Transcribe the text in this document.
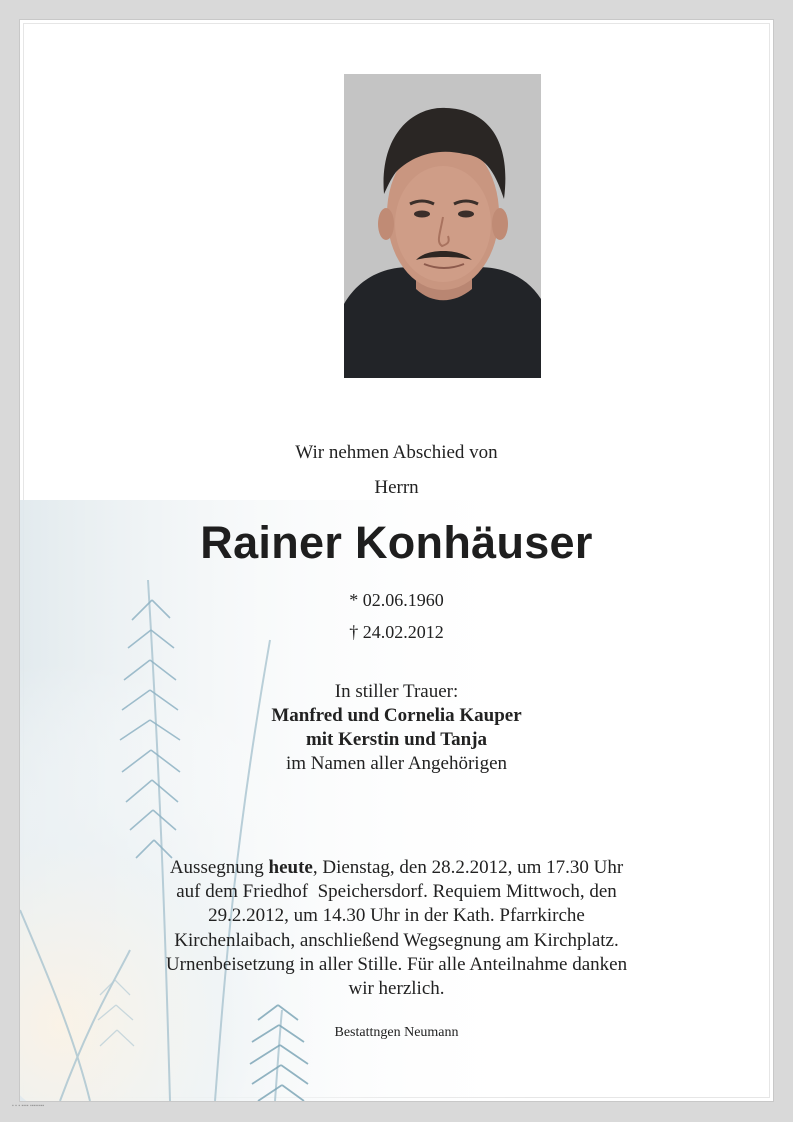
Wir nehmen Abschied von
Herrn
Rainer Konhäuser
* 02.06.1960
† 24.02.2012
In stiller Trauer:
Manfred und Cornelia Kauper
mit Kerstin und Tanja
im Namen aller Angehörigen
Aussegnung heute, Dienstag, den 28.2.2012, um 17.30 Uhr
auf dem Friedhof  Speichersdorf. Requiem Mittwoch, den
29.2.2012, um 14.30 Uhr in der Kath. Pfarrkirche
Kirchenlaibach, anschließend Wegsegnung am Kirchplatz.
Urnenbeisetzung in aller Stille. Für alle Anteilnahme danken
wir herzlich.
Bestattngen Neumann
▪ ▪ ▪ ▪▪▪▪ ▪▪▪▪▪▪▪▪
